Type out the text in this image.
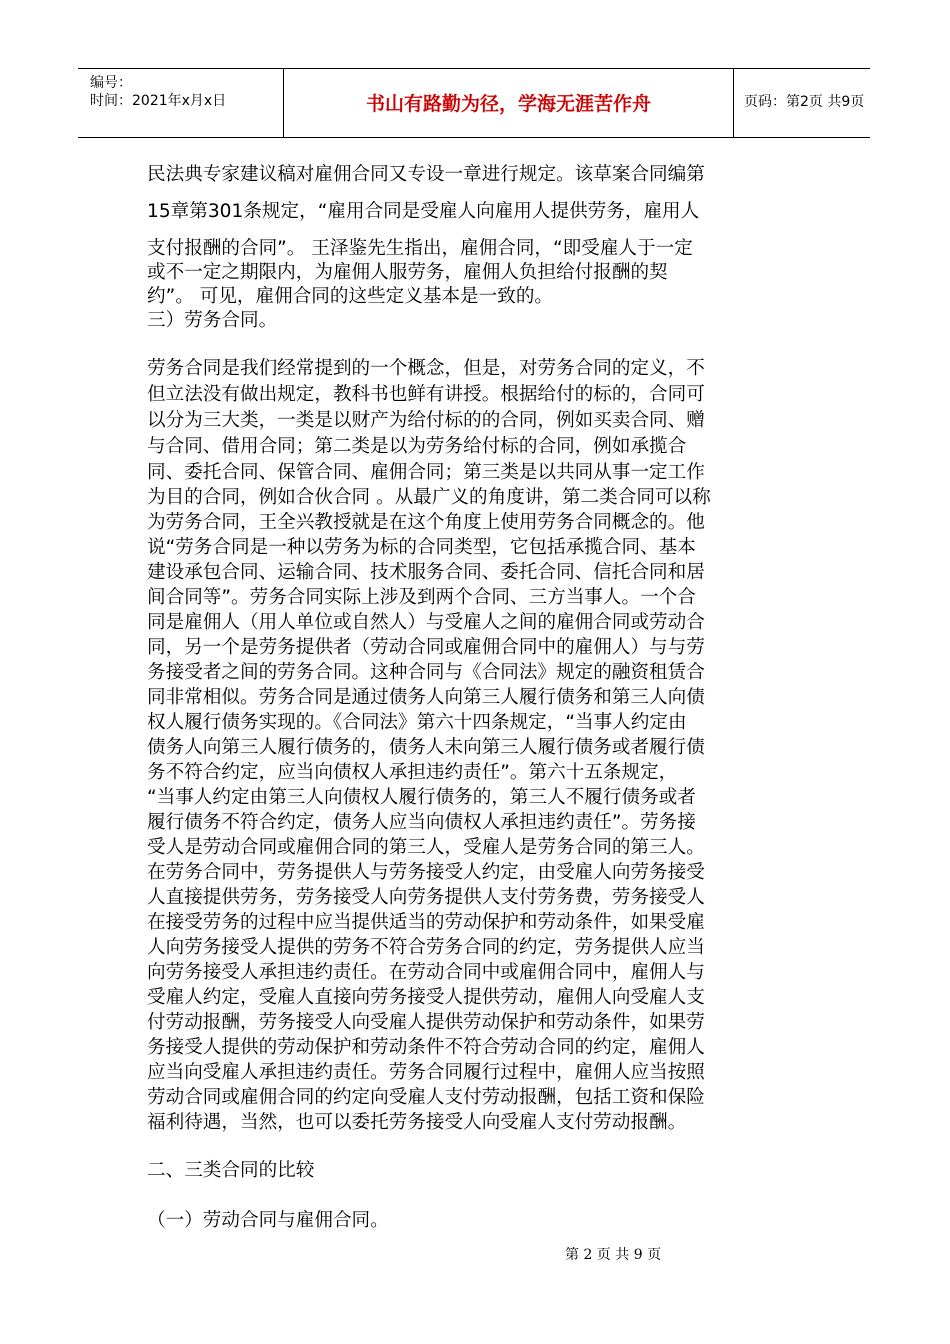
编号：
时间：2021年x月x日	书山有路勤为径，学海无涯苦作舟	页码：第2页 共9页
民法典专家建议稿对雇佣合同又专设一章进行规定。该草案合同编第
15章第301条规定，“雇用合同是受雇人向雇用人提供劳务，雇用人
支付报酬的合同”。 王泽鉴先生指出，雇佣合同，“即受雇人于一定
或不一定之期限内，为雇佣人服劳务，雇佣人负担给付报酬的契
约”。 可见，雇佣合同的这些定义基本是一致的。
三）劳务合同。
劳务合同是我们经常提到的一个概念，但是，对劳务合同的定义，不
但立法没有做出规定，教科书也鲜有讲授。根据给付的标的，合同可
以分为三大类，一类是以财产为给付标的的合同，例如买卖合同、赠
与合同、借用合同；第二类是以为劳务给付标的合同，例如承揽合
同、委托合同、保管合同、雇佣合同；第三类是以共同从事一定工作
为目的合同，例如合伙合同 。从最广义的角度讲，第二类合同可以称
为劳务合同，王全兴教授就是在这个角度上使用劳务合同概念的。他
说“劳务合同是一种以劳务为标的合同类型，它包括承揽合同、基本
建设承包合同、运输合同、技术服务合同、委托合同、信托合同和居
间合同等”。劳务合同实际上涉及到两个合同、三方当事人。一个合
同是雇佣人（用人单位或自然人）与受雇人之间的雇佣合同或劳动合
同，另一个是劳务提供者（劳动合同或雇佣合同中的雇佣人）与与劳
务接受者之间的劳务合同。这种合同与《合同法》规定的融资租赁合
同非常相似。劳务合同是通过债务人向第三人履行债务和第三人向债
权人履行债务实现的。《合同法》第六十四条规定，“当事人约定由
债务人向第三人履行债务的，债务人未向第三人履行债务或者履行债
务不符合约定，应当向债权人承担违约责任”。第六十五条规定，
“当事人约定由第三人向债权人履行债务的，第三人不履行债务或者
履行债务不符合约定，债务人应当向债权人承担违约责任”。劳务接
受人是劳动合同或雇佣合同的第三人，受雇人是劳务合同的第三人。
在劳务合同中，劳务提供人与劳务接受人约定，由受雇人向劳务接受
人直接提供劳务，劳务接受人向劳务提供人支付劳务费，劳务接受人
在接受劳务的过程中应当提供适当的劳动保护和劳动条件，如果受雇
人向劳务接受人提供的劳务不符合劳务合同的约定，劳务提供人应当
向劳务接受人承担违约责任。在劳动合同中或雇佣合同中，雇佣人与
受雇人约定，受雇人直接向劳务接受人提供劳动，雇佣人向受雇人支
付劳动报酬，劳务接受人向受雇人提供劳动保护和劳动条件，如果劳
务接受人提供的劳动保护和劳动条件不符合劳动合同的约定，雇佣人
应当向受雇人承担违约责任。劳务合同履行过程中，雇佣人应当按照
劳动合同或雇佣合同的约定向受雇人支付劳动报酬，包括工资和保险
福利待遇，当然，也可以委托劳务接受人向受雇人支付劳动报酬。
二、三类合同的比较
（一）劳动合同与雇佣合同。
第 2 页 共 9 页
